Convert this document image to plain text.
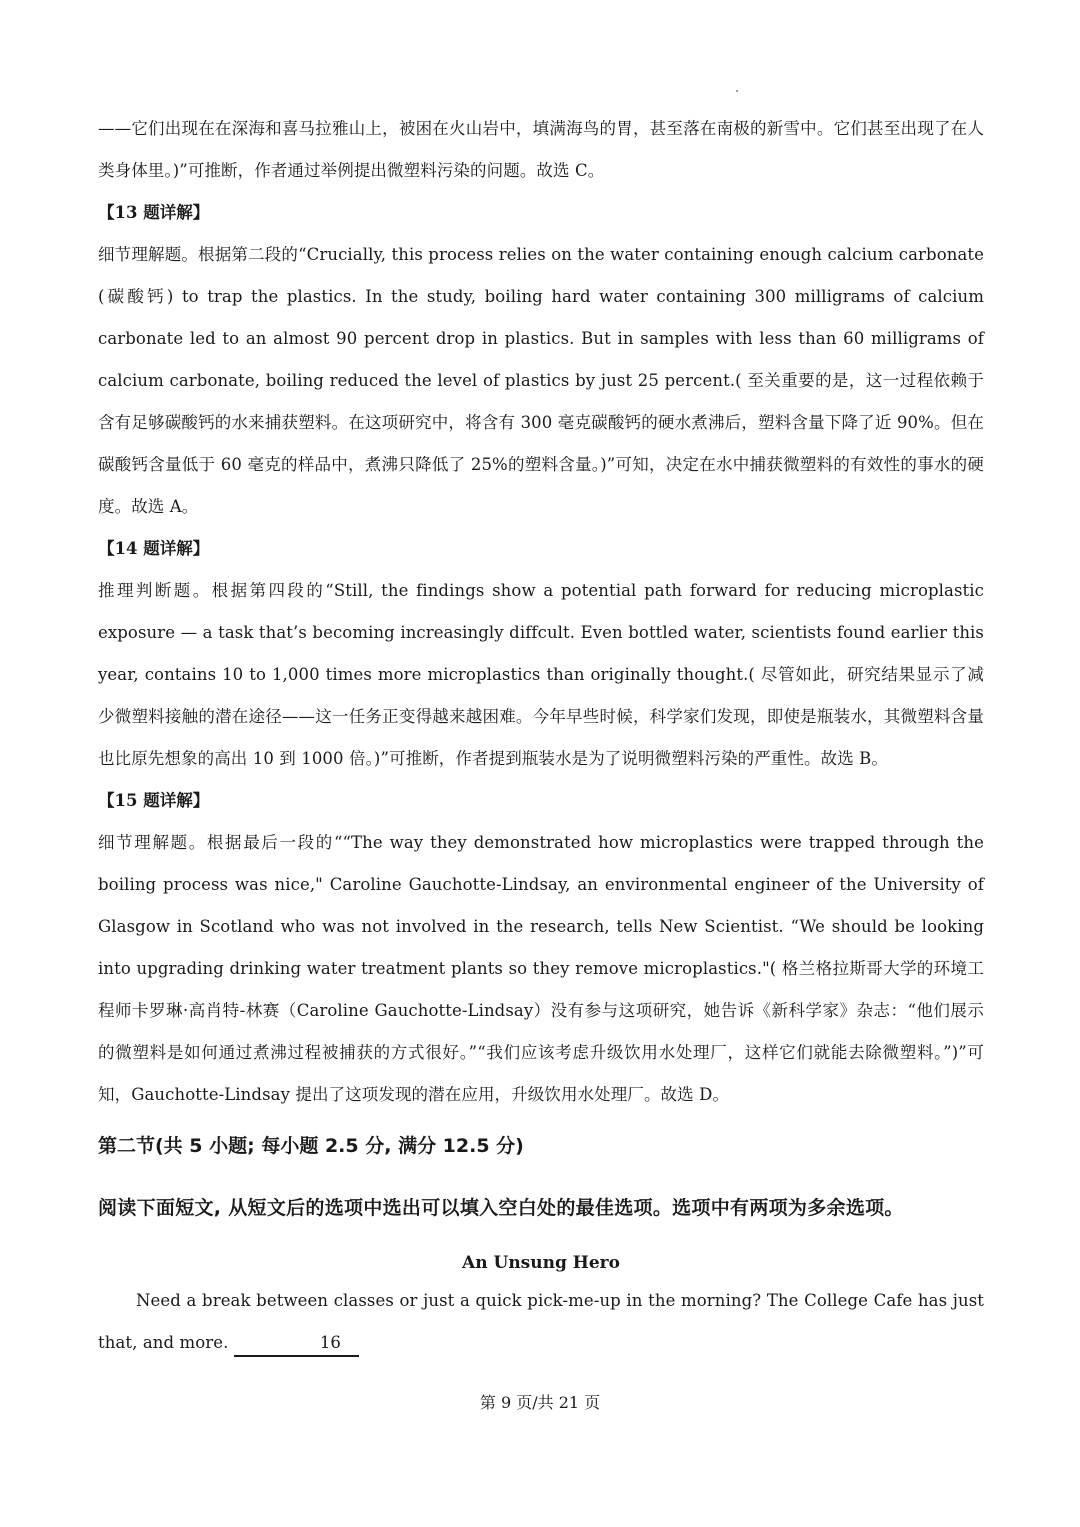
——它们出现在在深海和喜马拉雅山上，被困在火山岩中，填满海鸟的胃，甚至落在南极的新雪中。它们甚至出现了在人类身体里。)”可推断，作者通过举例提出微塑料污染的问题。故选 C。

【13 题详解】

细节理解题。根据第二段的“Crucially, this process relies on the water containing enough calcium carbonate (碳酸钙) to trap the plastics. In the study, boiling hard water containing 300 milligrams of calcium carbonate led to an almost 90 percent drop in plastics. But in samples with less than 60 milligrams of calcium carbonate, boiling reduced the level of plastics by just 25 percent.( 至关重要的是，这一过程依赖于含有足够碳酸钙的水来捕获塑料。在这项研究中，将含有 300 毫克碳酸钙的硬水煮沸后，塑料含量下降了近 90%。但在碳酸钙含量低于 60 毫克的样品中，煮沸只降低了 25%的塑料含量。)”可知，决定在水中捕获微塑料的有效性的事水的硬度。故选 A。

【14 题详解】

推理判断题。根据第四段的“Still, the findings show a potential path forward for reducing microplastic exposure — a task that’s becoming increasingly diffcult. Even bottled water, scientists found earlier this year, contains 10 to 1,000 times more microplastics than originally thought.( 尽管如此，研究结果显示了减少微塑料接触的潜在途径——这一任务正变得越来越困难。今年早些时候，科学家们发现，即使是瓶装水，其微塑料含量也比原先想象的高出 10 到 1000 倍。)”可推断，作者提到瓶装水是为了说明微塑料污染的严重性。故选 B。

【15 题详解】

细节理解题。根据最后一段的““The way they demonstrated how microplastics were trapped through the boiling process was nice," Caroline Gauchotte-Lindsay, an environmental engineer of the University of Glasgow in Scotland who was not involved in the research, tells New Scientist. “We should be looking into upgrading drinking water treatment plants so they remove microplastics."( 格兰格拉斯哥大学的环境工程师卡罗琳·高肖特-林赛（Caroline Gauchotte-Lindsay）没有参与这项研究，她告诉《新科学家》杂志：“他们展示的微塑料是如何通过煮沸过程被捕获的方式很好。”“我们应该考虑升级饮用水处理厂，这样它们就能去除微塑料。”)”可知，Gauchotte-Lindsay 提出了这项发现的潜在应用，升级饮用水处理厂。故选 D。

第二节(共 5 小题; 每小题 2.5 分, 满分 12.5 分)

阅读下面短文, 从短文后的选项中选出可以填入空白处的最佳选项。选项中有两项为多余选项。

An Unsung Hero

Need a break between classes or just a quick pick-me-up in the morning? The College Cafe has just that, and more.	16

第 9 页/共 21 页
